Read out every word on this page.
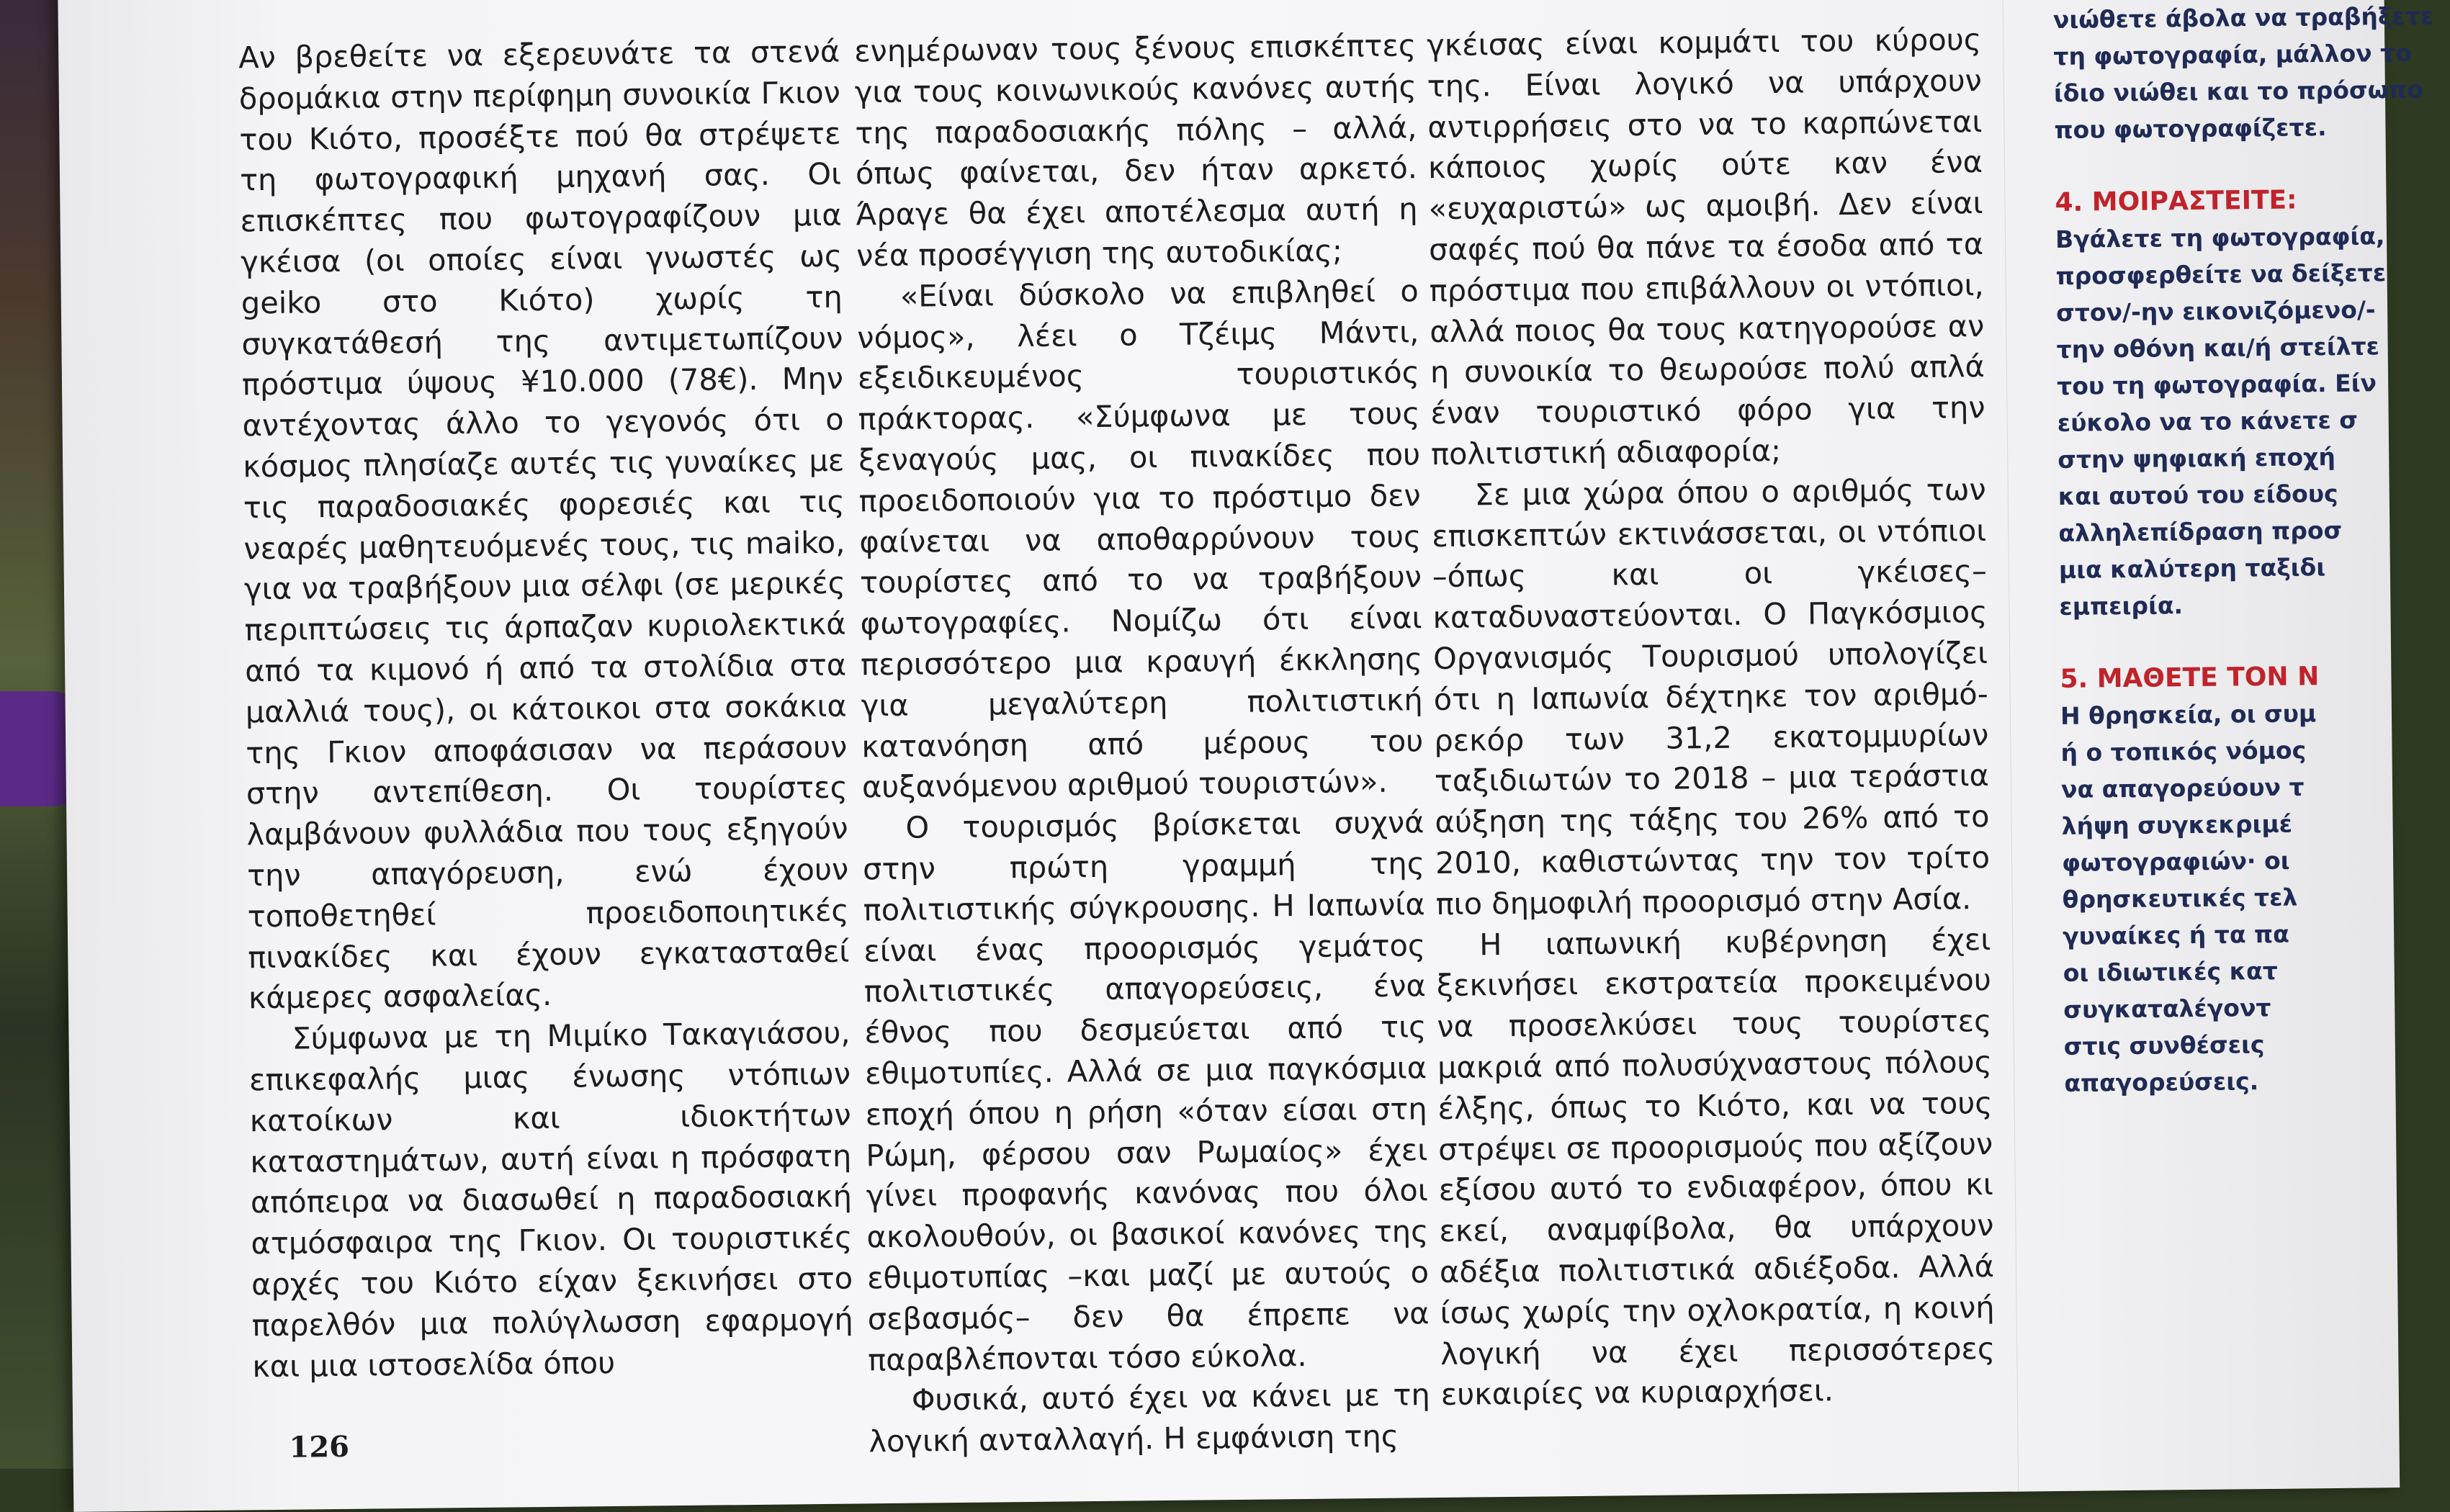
Αν βρεθείτε να εξερευνάτε τα στενά δρομάκια στην περίφημη συνοικία Γκιον του Κιότο, προσέξτε πού θα στρέψετε τη φωτογραφική μηχανή σας. Οι επισκέπτες που φωτογραφίζουν μια γκέισα (οι οποίες είναι γνωστές ως geiko στο Κιότο) χωρίς τη συγκατάθεσή της αντιμετωπίζουν πρόστιμα ύψους ¥10.000 (78€). Μην αντέχοντας άλλο το γεγονός ότι ο κόσμος πλησίαζε αυτές τις γυναίκες με τις παραδοσιακές φορεσιές και τις νεαρές μαθητευόμενές τους, τις maiko, για να τραβήξουν μια σέλφι (σε μερικές περιπτώσεις τις άρπαζαν κυριολεκτικά από τα κιμονό ή από τα στολίδια στα μαλλιά τους), οι κάτοικοι στα σοκάκια της Γκιον αποφάσισαν να περάσουν στην αντεπίθεση. Οι τουρίστες λαμβάνουν φυλλάδια που τους εξηγούν την απαγόρευση, ενώ έχουν τοποθετηθεί προειδοποιητικές πινακίδες και έχουν εγκατασταθεί κάμερες ασφαλείας.

Σύμφωνα με τη Μιμίκο Τακαγιάσου, επικεφαλής μιας ένωσης ντόπιων κατοίκων και ιδιοκτήτων καταστημάτων, αυτή είναι η πρόσφατη απόπειρα να διασωθεί η παραδοσιακή ατμόσφαιρα της Γκιον. Οι τουριστικές αρχές του Κιότο είχαν ξεκινήσει στο παρελθόν μια πολύγλωσση εφαρμογή και μια ιστοσελίδα όπου

ενημέρωναν τους ξένους επισκέπτες για τους κοινωνικούς κανόνες αυτής της παραδοσιακής πόλης – αλλά, όπως φαίνεται, δεν ήταν αρκετό. Άραγε θα έχει αποτέλεσμα αυτή η νέα προσέγγιση της αυτοδικίας;

«Είναι δύσκολο να επιβληθεί ο νόμος», λέει ο Τζέιμς Μάντι, εξειδικευμένος τουριστικός πράκτορας. «Σύμφωνα με τους ξεναγούς μας, οι πινακίδες που προειδοποιούν για το πρόστιμο δεν φαίνεται να αποθαρρύνουν τους τουρίστες από το να τραβήξουν φωτογραφίες. Νομίζω ότι είναι περισσότερο μια κραυγή έκκλησης για μεγαλύτερη πολιτιστική κατανόηση από μέρους του αυξανόμενου αριθμού τουριστών».

Ο τουρισμός βρίσκεται συχνά στην πρώτη γραμμή της πολιτιστικής σύγκρουσης. Η Ιαπωνία είναι ένας προορισμός γεμάτος πολιτιστικές απαγορεύσεις, ένα έθνος που δεσμεύεται από τις εθιμοτυπίες. Αλλά σε μια παγκόσμια εποχή όπου η ρήση «όταν είσαι στη Ρώμη, φέρσου σαν Ρωμαίος» έχει γίνει προφανής κανόνας που όλοι ακολουθούν, οι βασικοί κανόνες της εθιμοτυπίας –και μαζί με αυτούς ο σεβασμός– δεν θα έπρεπε να παραβλέπονται τόσο εύκολα.

Φυσικά, αυτό έχει να κάνει με τη λογική ανταλλαγή. Η εμφάνιση της

γκέισας είναι κομμάτι του κύρους της. Είναι λογικό να υπάρχουν αντιρρήσεις στο να το καρπώνεται κάποιος χωρίς ούτε καν ένα «ευχαριστώ» ως αμοιβή. Δεν είναι σαφές πού θα πάνε τα έσοδα από τα πρόστιμα που επιβάλλουν οι ντόπιοι, αλλά ποιος θα τους κατηγορούσε αν η συνοικία το θεωρούσε πολύ απλά έναν τουριστικό φόρο για την πολιτιστική αδιαφορία;

Σε μια χώρα όπου ο αριθμός των επισκεπτών εκτινάσσεται, οι ντόπιοι –όπως και οι γκέισες– καταδυναστεύονται. Ο Παγκόσμιος Οργανισμός Τουρισμού υπολογίζει ότι η Ιαπωνία δέχτηκε τον αριθμό-ρεκόρ των 31,2 εκατομμυρίων ταξιδιωτών το 2018 – μια τεράστια αύξηση της τάξης του 26% από το 2010, καθιστώντας την τον τρίτο πιο δημοφιλή προορισμό στην Ασία.

Η ιαπωνική κυβέρνηση έχει ξεκινήσει εκστρατεία προκειμένου να προσελκύσει τους τουρίστες μακριά από πολυσύχναστους πόλους έλξης, όπως το Κιότο, και να τους στρέψει σε προορισμούς που αξίζουν εξίσου αυτό το ενδιαφέρον, όπου κι εκεί, αναμφίβολα, θα υπάρχουν αδέξια πολιτιστικά αδιέξοδα. Αλλά ίσως χωρίς την οχλοκρατία, η κοινή λογική να έχει περισσότερες ευκαιρίες να κυριαρχήσει.

126

νιώθετε άβολα να τραβήξετε

τη φωτογραφία, μάλλον το

ίδιο νιώθει και το πρόσωπο

που φωτογραφίζετε.

4. ΜΟΙΡΑΣΤΕΙΤΕ:

Βγάλετε τη φωτογραφία,

προσφερθείτε να δείξετε

στον/-ην εικονιζόμενο/-

την οθόνη και/ή στείλτε

του τη φωτογραφία. Είν

εύκολο να το κάνετε σ

στην ψηφιακή εποχή

και αυτού του είδους

αλληλεπίδραση προσ

μια καλύτερη ταξιδι

εμπειρία.

5. ΜΑΘΕΤΕ ΤΟΝ Ν

Η θρησκεία, οι συμ

ή ο τοπικός νόμος

να απαγορεύουν τ

λήψη συγκεκριμέ

φωτογραφιών· οι

θρησκευτικές τελ

γυναίκες ή τα πα

οι ιδιωτικές κατ

συγκαταλέγοντ

στις συνθέσεις

απαγορεύσεις.
